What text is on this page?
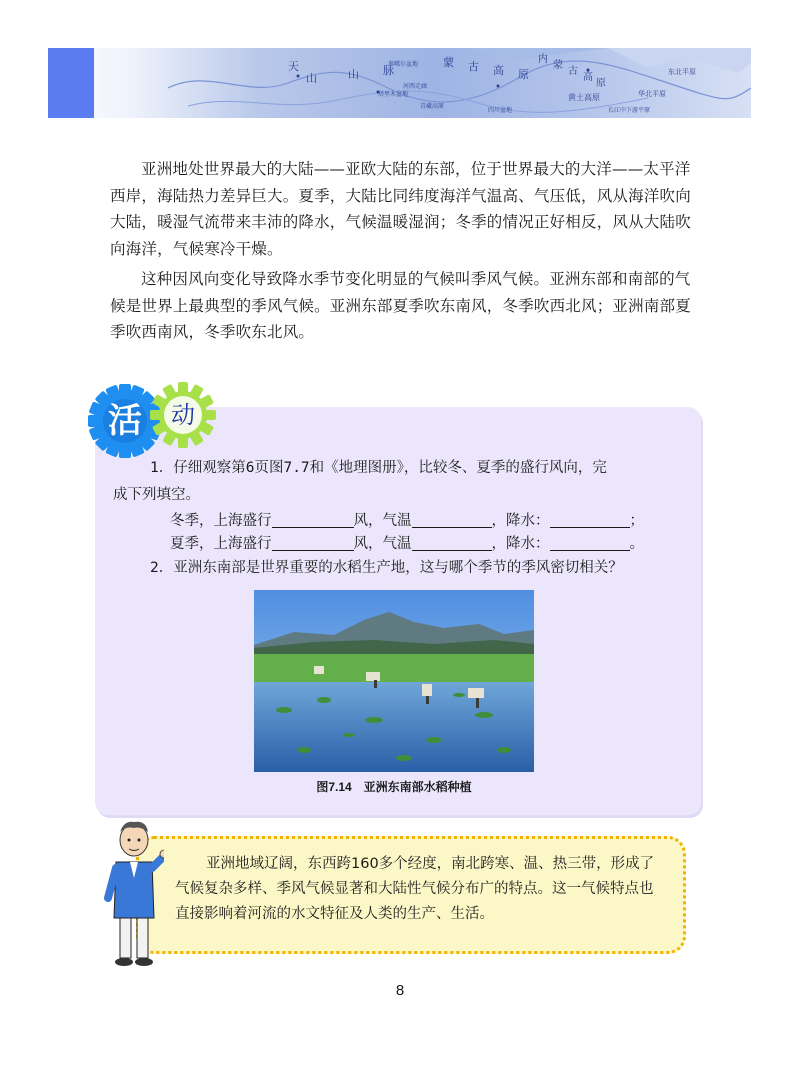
天
山	山 脉
塔里木盆地
蒙 古 高 原
内
蒙
古
高
原
准噶尔盆地
黄土高原	华北平原
青藏高原
东北平原
河西走廊
四川盆地	长江中下游平原

亚洲地处世界最大的大陆——亚欧大陆的东部，位于世界最大的大洋——太平洋西岸，海陆热力差异巨大。夏季，大陆比同纬度海洋气温高、气压低，风从海洋吹向大陆，暖湿气流带来丰沛的降水，气候温暖湿润；冬季的情况正好相反，风从大陆吹向海洋，气候寒冷干燥。

这种因风向变化导致降水季节变化明显的气候叫季风气候。亚洲东部和南部的气候是世界上最典型的季风气候。亚洲东部夏季吹东南风，冬季吹西北风；亚洲南部夏季吹西南风，冬季吹东北风。

活	动
1．仔细观察第6页图7.7和《地理图册》，比较冬、夏季的盛行风向，完
成下列填空。
冬季，上海盛行	风，气温	，降水：	；
夏季，上海盛行	风，气温	，降水：	。
2．亚洲东南部是世界重要的水稻生产地，这与哪个季节的季风密切相关？
图7.14　亚洲东南部水稻种植

亚洲地域辽阔，东西跨160多个经度，南北跨寒、温、热三带，形成了气候复杂多样、季风气候显著和大陆性气候分布广的特点。这一气候特点也直接影响着河流的水文特征及人类的生产、生活。

8
